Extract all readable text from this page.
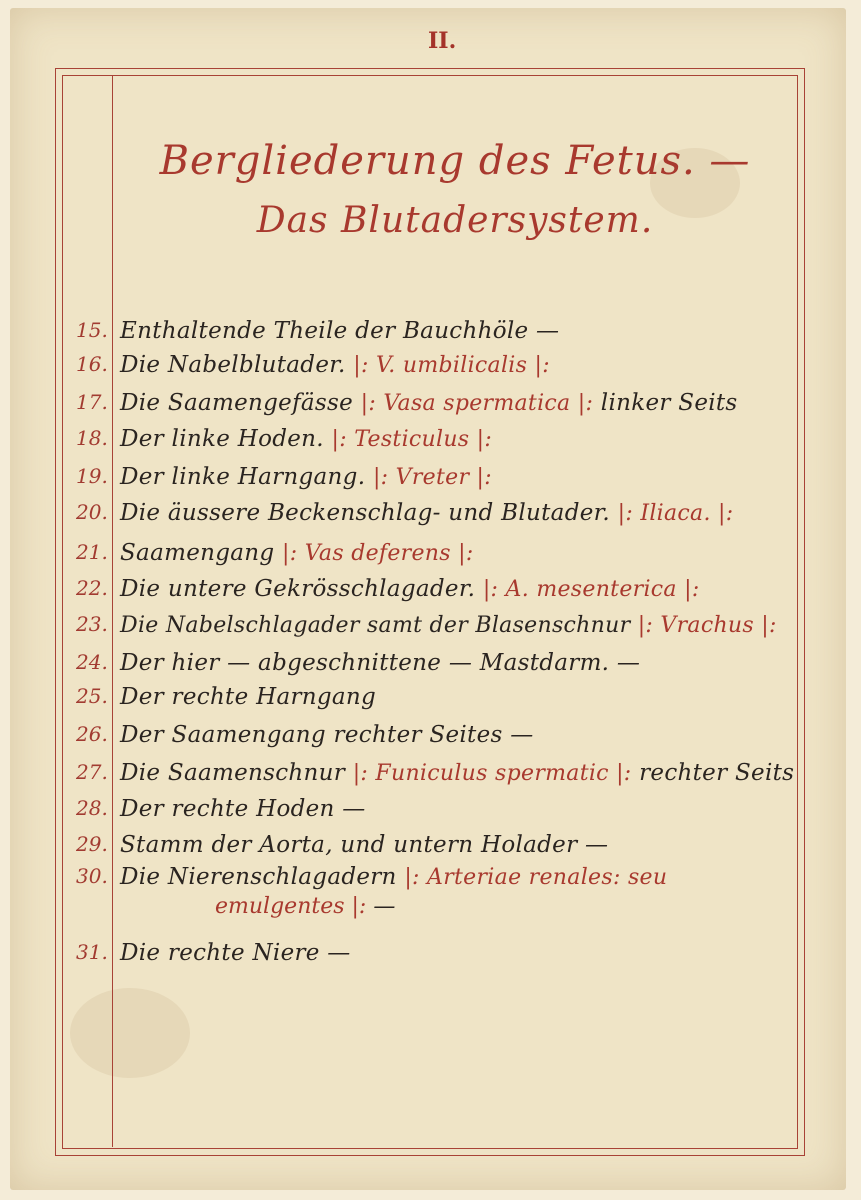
II.
Bergliederung des Fetus. —
Das Blutadersystem.
15. Enthaltende Theile der Bauchhöle —
16. Die Nabelblutader. |: V. umbilicalis |:
17. Die Saamengefässe |: Vasa spermatica |: linker Seits
18. Der linke Hoden. |: Testiculus |:
19. Der linke Harngang. |: Vreter |:
20. Die äussere Beckenschlag- und Blutader. |: Iliaca. |:
21. Saamengang |: Vas deferens |:
22. Die untere Gekrösschlagader. |: A. mesenterica |:
23. Die Nabelschlagader samt der Blasenschnur |: Vrachus |:
24. Der hier — abgeschnittene — Mastdarm. —
25. Der rechte Harngang
26. Der Saamengang rechter Seites —
27. Die Saamenschnur |: Funiculus spermatic |: rechter Seits
28. Der rechte Hoden —
29. Stamm der Aorta, und untern Holader —
30. Die Nierenschlagadern |: Arteriae renales: seu
31. Die rechte Niere —
emulgentes |: —
